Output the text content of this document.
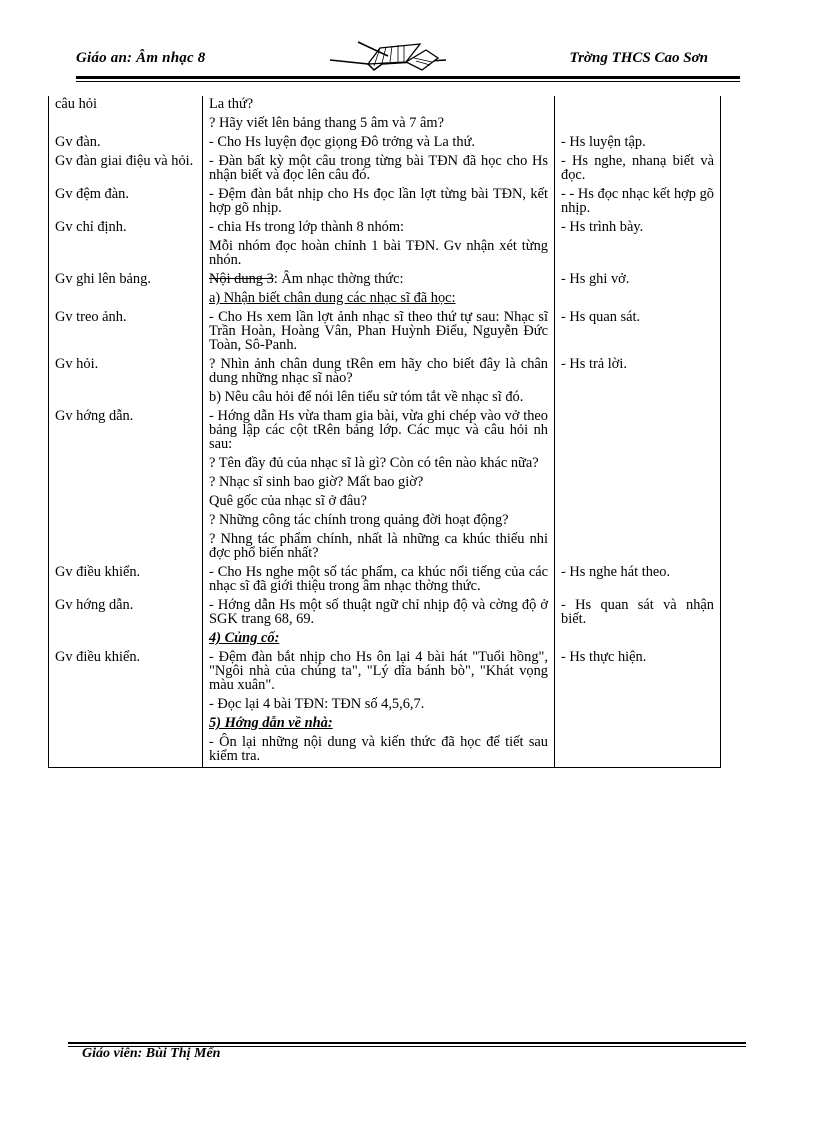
Giáo an: Âm nhạc 8	Trờng THCS Cao Sơn
câu hỏi	La thứ?	
	? Hãy viết lên bảng thang 5 âm và 7 âm?	
Gv đàn.	- Cho Hs luyện đọc giọng Đô trởng và La thứ.	- Hs luyện tập.
Gv đàn giai điệu và hỏi.	- Đàn bất kỳ một câu trong từng bài TĐN đã học cho Hs nhận biết và đọc lên câu đó.	- Hs nghe, nhanạ biết và đọc.
Gv đệm đàn.	- Đệm đàn bắt nhịp cho Hs đọc lần lợt từng bài TĐN, kết hợp gõ nhịp.	- - Hs đọc nhạc kết hợp gõ nhịp.
Gv chỉ định.	- chia Hs trong lớp thành 8 nhóm:	- Hs trình bày.
	Mỗi nhóm đọc hoàn chỉnh 1 bài TĐN. Gv nhận xét từng nhón.	
Gv ghi lên bảng.	Nội dung 3: Âm nhạc thờng thức:	- Hs ghi vở.
	a) Nhận biết chân dung các nhạc sĩ đã học:	
Gv treo ảnh.	- Cho Hs xem lần lợt ảnh nhạc sĩ theo thứ tự sau: Nhạc sĩ Trần Hoàn, Hoàng Vân, Phan Huỳnh Điểu, Nguyễn Đức Toàn, Sô-Panh.	- Hs quan sát.
Gv hỏi.	? Nhìn ảnh chân dung tRên em hãy cho biết đây là chân dung những nhạc sĩ nào?	- Hs trả lời.
	b) Nêu câu hỏi để nói lên tiểu sử tóm tắt về nhạc sĩ đó.	
Gv hớng dẫn.	- Hớng dẫn Hs vừa tham gia bài, vừa ghi chép vào vở theo bảng lập các cột tRên bảng lớp. Các mục và câu hỏi nh sau:	
	? Tên đầy đủ của nhạc sĩ là gì? Còn có tên nào khác nữa?	
	? Nhạc sĩ sinh bao giờ? Mất bao giờ?	
	Quê gốc của nhạc sĩ ở đâu?	
	? Những công tác chính trong quảng đời hoạt động?	
	? Nhng tác phẩm chính, nhất là những ca khúc thiếu nhi đợc phổ biến nhất?	
Gv điều khiển.	- Cho Hs nghe một số tác phẩm, ca khúc nổi tiếng của các nhạc sĩ đã giới thiệu trong âm nhạc thờng thức.	- Hs nghe hát theo.
Gv hớng dẫn.	- Hớng dẫn Hs một số thuật ngữ chỉ nhịp độ và cờng độ ở SGK trang 68, 69.	- Hs quan sát và nhận biết.
	4) Củng cố:	
Gv điều khiển.	- Đệm đàn bắt nhịp cho Hs ôn lại 4 bài hát "Tuổi hồng", "Ngôi nhà của chúng ta", "Lý dĩa bánh bò", "Khát vọng màu xuân".	- Hs thực hiện.
	- Đọc lại 4 bài TĐN: TĐN số 4,5,6,7.	
	5) Hớng dẫn về nhà:	
	- Ôn lại những nội dung và kiến thức đã học để tiết sau kiểm tra.	
Giáo viên: Bùi Thị Mến
